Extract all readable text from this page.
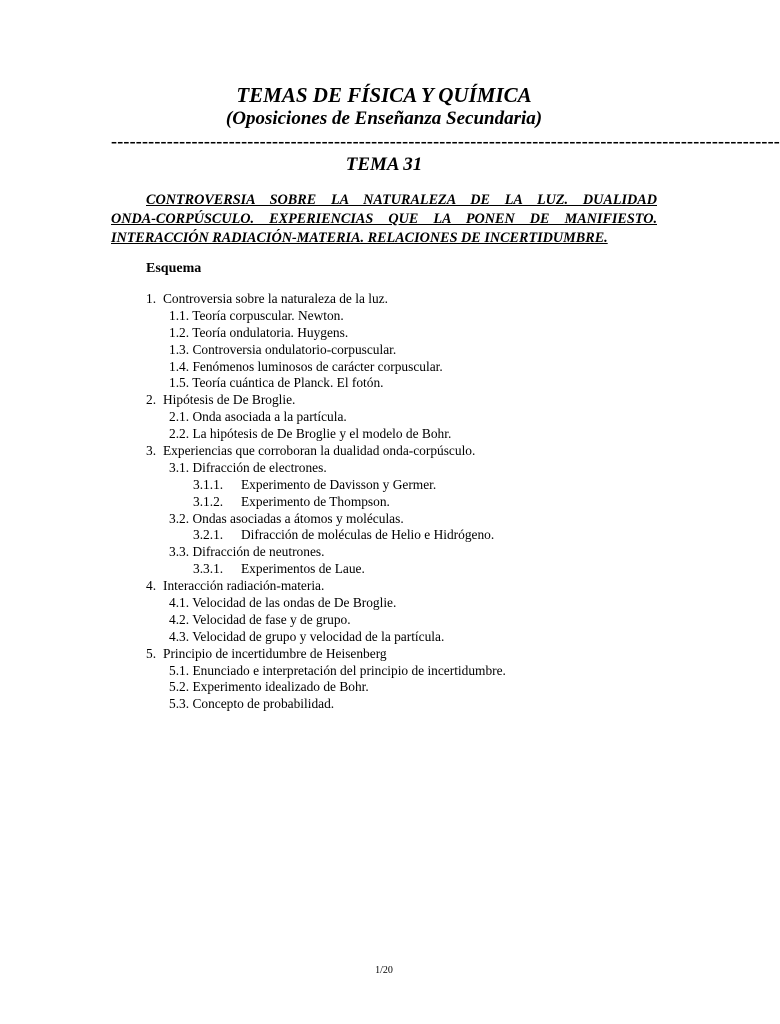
TEMAS DE FÍSICA Y QUÍMICA
(Oposiciones de Enseñanza Secundaria)
------------------------------------------------------------------------------------------------------------
TEMA 31
CONTROVERSIA SOBRE LA NATURALEZA DE LA LUZ. DUALIDAD
ONDA-CORPÚSCULO. EXPERIENCIAS QUE LA PONEN DE MANIFIESTO.
INTERACCIÓN RADIACIÓN-MATERIA. RELACIONES DE INCERTIDUMBRE.
Esquema
1. Controversia sobre la naturaleza de la luz.
1.1. Teoría corpuscular. Newton.
1.2. Teoría ondulatoria. Huygens.
1.3. Controversia ondulatorio-corpuscular.
1.4. Fenómenos luminosos de carácter corpuscular.
1.5. Teoría cuántica de Planck. El fotón.
2. Hipótesis de De Broglie.
2.1. Onda asociada a la partícula.
2.2. La hipótesis de De Broglie y el modelo de Bohr.
3. Experiencias que corroboran la dualidad onda-corpúsculo.
3.1. Difracción de electrones.
3.1.1. Experimento de Davisson y Germer.
3.1.2. Experimento de Thompson.
3.2. Ondas asociadas a átomos y moléculas.
3.2.1. Difracción de moléculas de Helio e Hidrógeno.
3.3. Difracción de neutrones.
3.3.1. Experimentos de Laue.
4. Interacción radiación-materia.
4.1. Velocidad de las ondas de De Broglie.
4.2. Velocidad de fase y de grupo.
4.3. Velocidad de grupo y velocidad de la partícula.
5. Principio de incertidumbre de Heisenberg
5.1. Enunciado e interpretación del principio de incertidumbre.
5.2. Experimento idealizado de Bohr.
5.3. Concepto de probabilidad.
1/20
